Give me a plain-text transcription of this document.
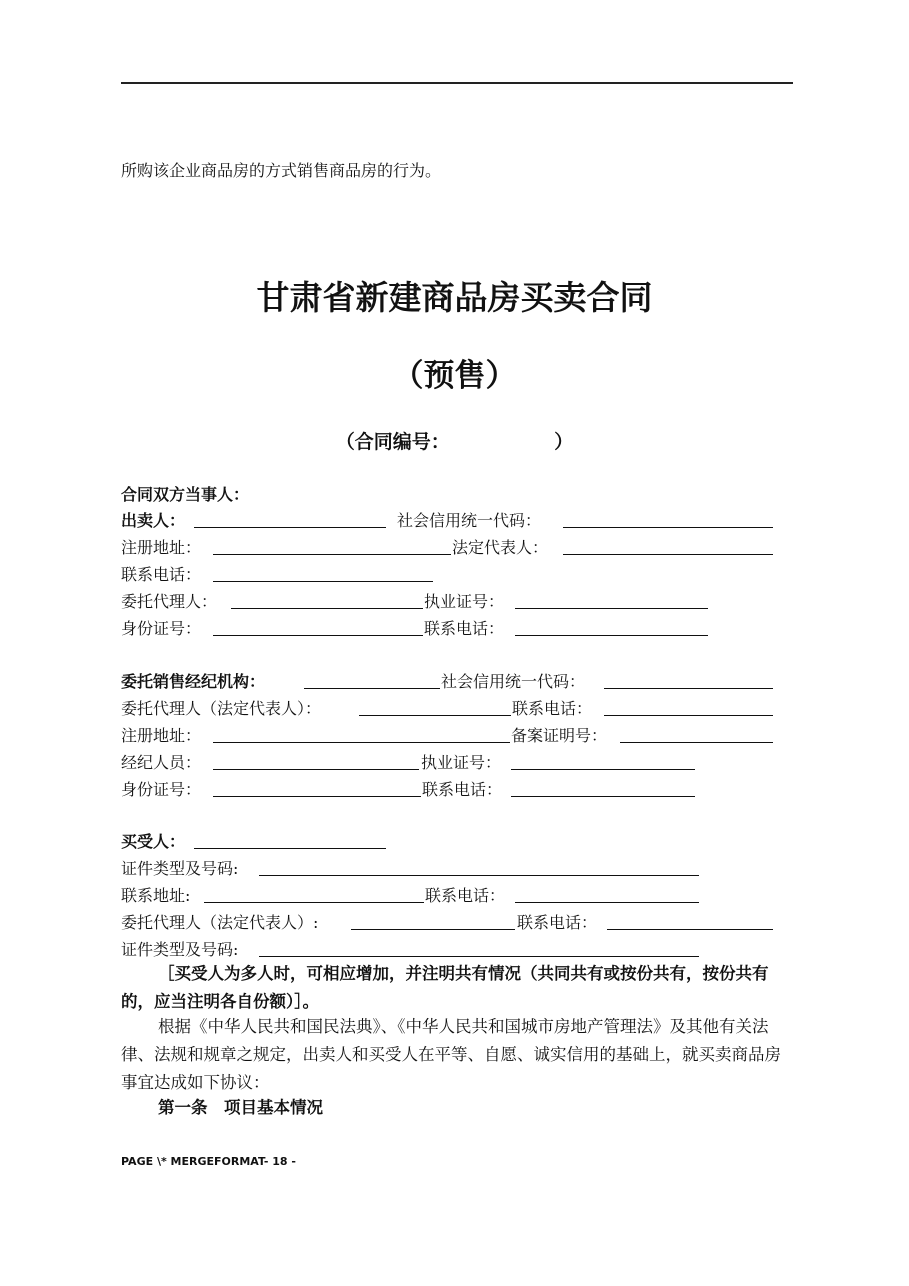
所购该企业商品房的方式销售商品房的行为。
甘肃省新建商品房买卖合同
（预售）
（合同编号：　　　　　　）
合同双方当事人：
出卖人：	社会信用统一代码：
注册地址：	法定代表人：
联系电话：
委托代理人：	执业证号：
身份证号：	联系电话：
委托销售经纪机构：	社会信用统一代码：
委托代理人（法定代表人）：	联系电话：
注册地址：	备案证明号：
经纪人员：	执业证号：
身份证号：	联系电话：
买受人：
证件类型及号码:
联系地址:	联系电话：
委托代理人（法定代表人）:	联系电话：
证件类型及号码:
［买受人为多人时，可相应增加，并注明共有情况（共同共有或按份共有，按份共有的，应当注明各自份额）］。
根据《中华人民共和国民法典》、《中华人民共和国城市房地产管理法》及其他有关法律、法规和规章之规定，出卖人和买受人在平等、自愿、诚实信用的基础上，就买卖商品房事宜达成如下协议：
第一条　项目基本情况
PAGE \* MERGEFORMAT- 18 -
